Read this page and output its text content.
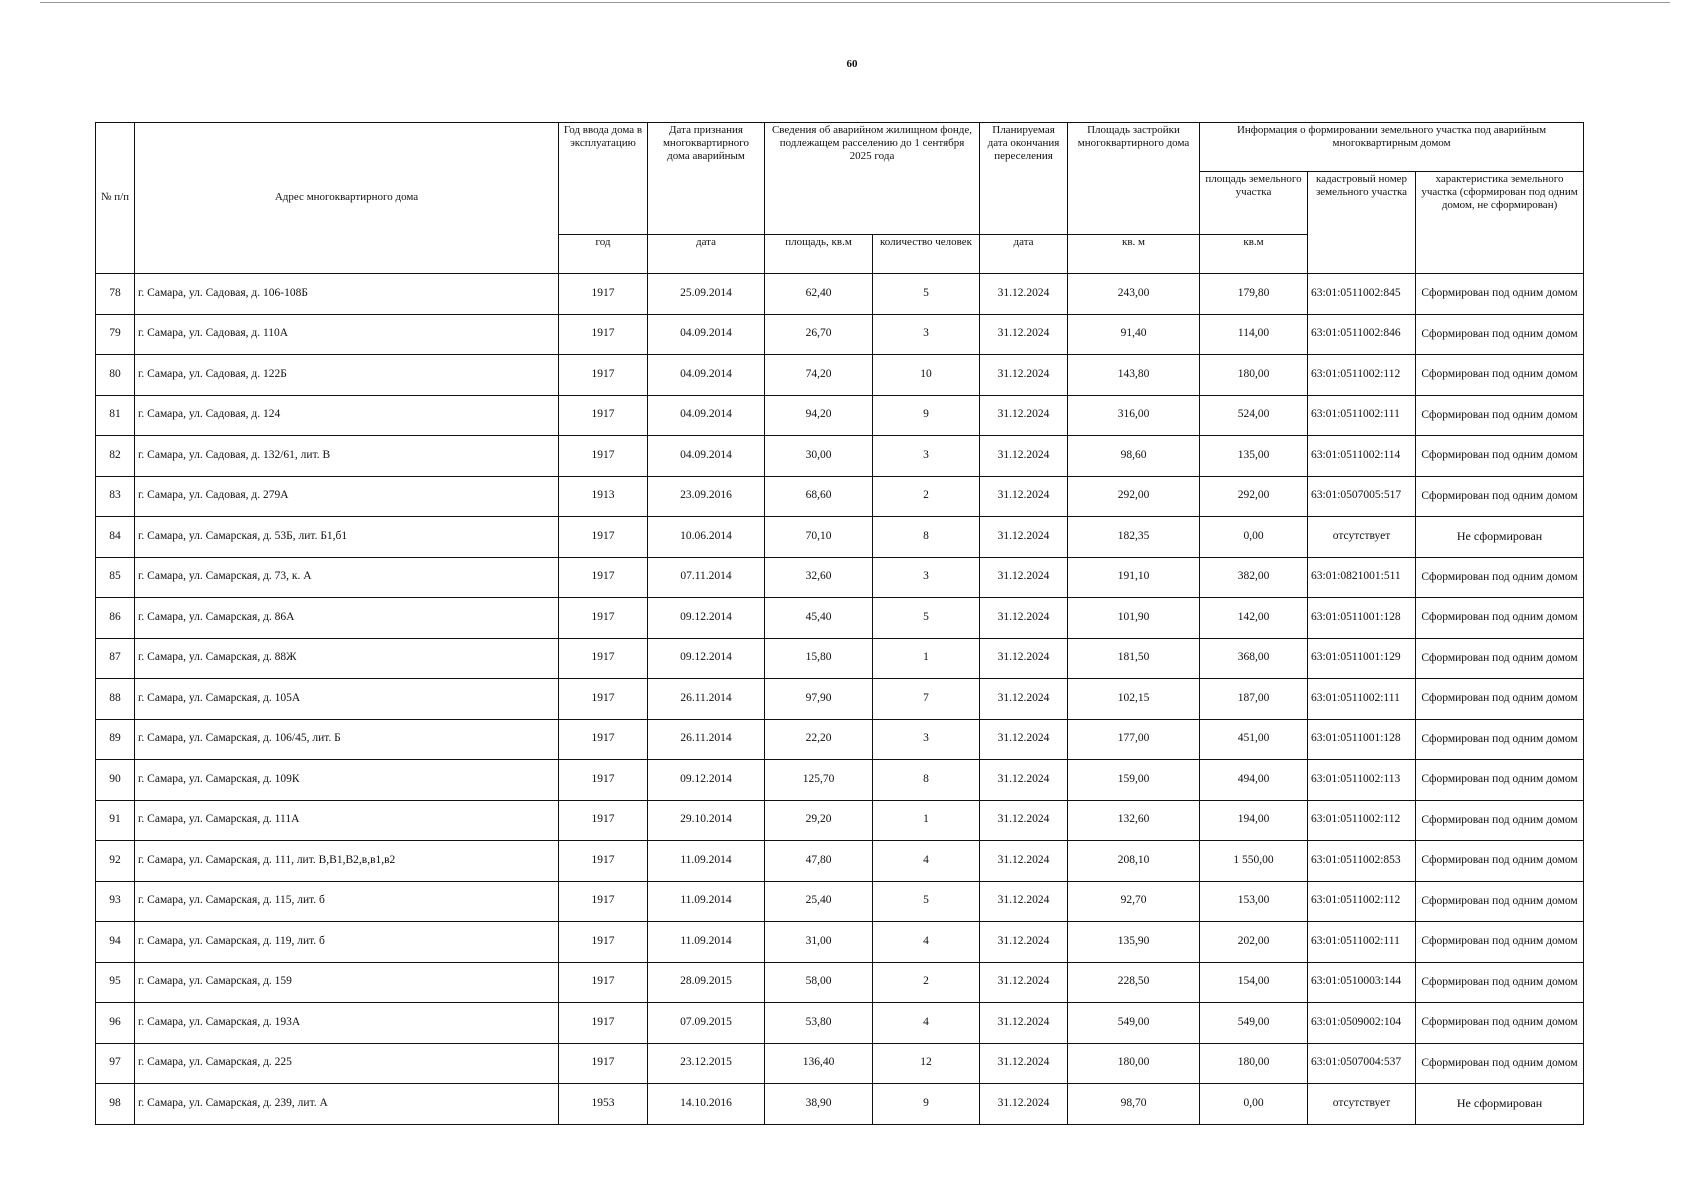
60
№ п/п	Адрес многоквартирного дома	Год ввода дома в эксплуатацию	Дата признания многоквартирного дома аварийным	Сведения об аварийном жилищном фонде, подлежащем расселению до 1 сентября 2025 года		Планируемая дата окончания переселения	Площадь застройки многоквартирного дома	Информация о формировании земельного участка под аварийным многоквартирным домом		
								площадь земельного участка	кадастровый номер земельного участка	характеристика земельного участка (сформирован под одним домом, не сформирован)
		год	дата	площадь, кв.м	количество человек	дата	кв. м	кв.м		
78	г. Самара, ул. Садовая, д. 106-108Б	1917	25.09.2014	62,40	5	31.12.2024	243,00	179,80	63:01:0511002:845	Сформирован под одним домом
79	г. Самара, ул. Садовая, д. 110А	1917	04.09.2014	26,70	3	31.12.2024	91,40	114,00	63:01:0511002:846	Сформирован под одним домом
80	г. Самара, ул. Садовая, д. 122Б	1917	04.09.2014	74,20	10	31.12.2024	143,80	180,00	63:01:0511002:112	Сформирован под одним домом
81	г. Самара, ул. Садовая, д. 124	1917	04.09.2014	94,20	9	31.12.2024	316,00	524,00	63:01:0511002:111	Сформирован под одним домом
82	г. Самара, ул. Садовая, д. 132/61, лит. В	1917	04.09.2014	30,00	3	31.12.2024	98,60	135,00	63:01:0511002:114	Сформирован под одним домом
83	г. Самара, ул. Садовая, д. 279А	1913	23.09.2016	68,60	2	31.12.2024	292,00	292,00	63:01:0507005:517	Сформирован под одним домом
84	г. Самара, ул. Самарская, д. 53Б, лит. Б1,б1	1917	10.06.2014	70,10	8	31.12.2024	182,35	0,00	отсутствует	Не сформирован
85	г. Самара, ул. Самарская, д. 73, к. А	1917	07.11.2014	32,60	3	31.12.2024	191,10	382,00	63:01:0821001:511	Сформирован под одним домом
86	г. Самара, ул. Самарская, д. 86А	1917	09.12.2014	45,40	5	31.12.2024	101,90	142,00	63:01:0511001:128	Сформирован под одним домом
87	г. Самара, ул. Самарская, д. 88Ж	1917	09.12.2014	15,80	1	31.12.2024	181,50	368,00	63:01:0511001:129	Сформирован под одним домом
88	г. Самара, ул. Самарская, д. 105А	1917	26.11.2014	97,90	7	31.12.2024	102,15	187,00	63:01:0511002:111	Сформирован под одним домом
89	г. Самара, ул. Самарская, д. 106/45, лит. Б	1917	26.11.2014	22,20	3	31.12.2024	177,00	451,00	63:01:0511001:128	Сформирован под одним домом
90	г. Самара, ул. Самарская, д. 109К	1917	09.12.2014	125,70	8	31.12.2024	159,00	494,00	63:01:0511002:113	Сформирован под одним домом
91	г. Самара, ул. Самарская, д. 111А	1917	29.10.2014	29,20	1	31.12.2024	132,60	194,00	63:01:0511002:112	Сформирован под одним домом
92	г. Самара, ул. Самарская, д. 111, лит. В,В1,В2,в,в1,в2	1917	11.09.2014	47,80	4	31.12.2024	208,10	1 550,00	63:01:0511002:853	Сформирован под одним домом
93	г. Самара, ул. Самарская, д. 115, лит. б	1917	11.09.2014	25,40	5	31.12.2024	92,70	153,00	63:01:0511002:112	Сформирован под одним домом
94	г. Самара, ул. Самарская, д. 119, лит. б	1917	11.09.2014	31,00	4	31.12.2024	135,90	202,00	63:01:0511002:111	Сформирован под одним домом
95	г. Самара, ул. Самарская, д. 159	1917	28.09.2015	58,00	2	31.12.2024	228,50	154,00	63:01:0510003:144	Сформирован под одним домом
96	г. Самара, ул. Самарская, д. 193А	1917	07.09.2015	53,80	4	31.12.2024	549,00	549,00	63:01:0509002:104	Сформирован под одним домом
97	г. Самара, ул. Самарская, д. 225	1917	23.12.2015	136,40	12	31.12.2024	180,00	180,00	63:01:0507004:537	Сформирован под одним домом
98	г. Самара, ул. Самарская, д. 239, лит. А	1953	14.10.2016	38,90	9	31.12.2024	98,70	0,00	отсутствует	Не сформирован
